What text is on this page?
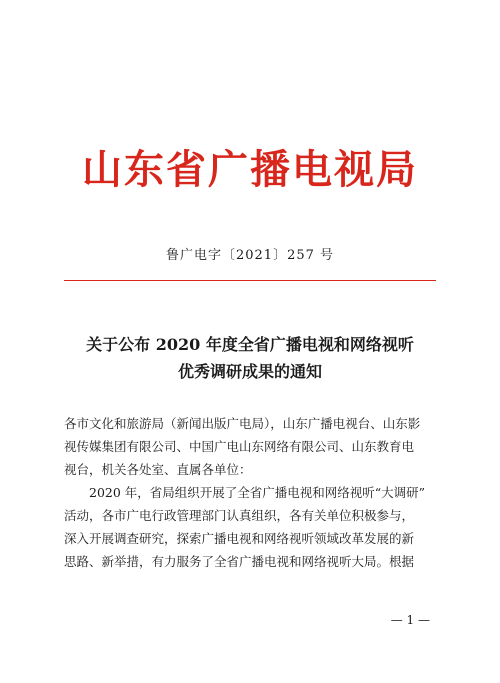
山东省广播电视局
鲁广电字〔2021〕257 号
关于公布 2020 年度全省广播电视和网络视听
优秀调研成果的通知
各市文化和旅游局（新闻出版广电局），山东广播电视台、山东影
视传媒集团有限公司、中国广电山东网络有限公司、山东教育电
视台，机关各处室、直属各单位：
　　2020 年，省局组织开展了全省广播电视和网络视听“大调研”
活动，各市广电行政管理部门认真组织，各有关单位积极参与，
深入开展调查研究，探索广播电视和网络视听领域改革发展的新
思路、新举措，有力服务了全省广播电视和网络视听大局。根据
— 1 —
